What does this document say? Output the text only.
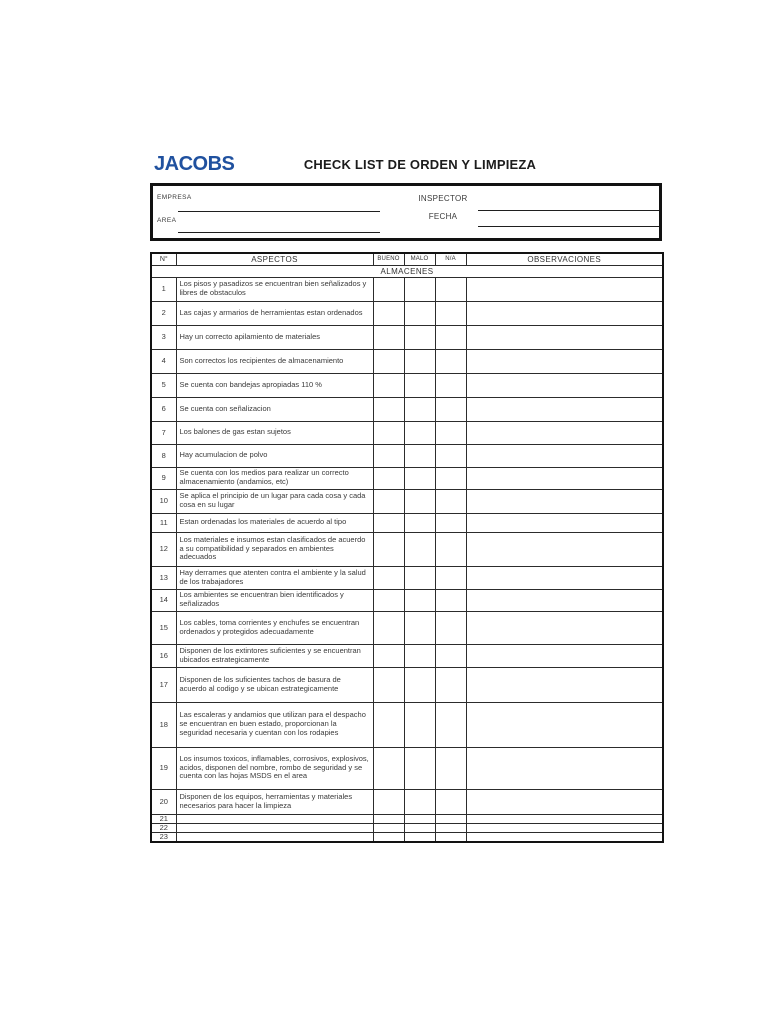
JACOBS	CHECK LIST DE ORDEN Y LIMPIEZA
EMPRESA
AREA
INSPECTOR
FECHA
N°	ASPECTOS	BUENO	MALO	N/A	OBSERVACIONES
ALMACENES					
1	Los pisos y pasadizos se encuentran bien señalizados y libres de obstaculos				
2	Las cajas y armarios de herramientas estan ordenados				
3	Hay un correcto apilamiento de materiales				
4	Son correctos los recipientes de almacenamiento				
5	Se cuenta con bandejas apropiadas 110 %				
6	Se cuenta con señalizacion				
7	Los balones de gas estan sujetos				
8	Hay acumulacion de polvo				
9	Se cuenta con los medios para realizar un correcto almacenamiento (andamios, etc)				
10	Se aplica el principio de un lugar para cada cosa y cada cosa en su lugar				
11	Estan ordenadas los materiales de acuerdo al tipo				
12	Los materiales e insumos estan clasificados de acuerdo a su compatibilidad y separados en ambientes adecuados				
13	Hay derrames que atenten contra el ambiente y la salud de los trabajadores				
14	Los ambientes se encuentran bien identificados y señalizados				
15	Los cables, toma corrientes y enchufes se encuentran ordenados y protegidos adecuadamente				
16	Disponen de los extintores suficientes y se encuentran ubicados estrategicamente				
17	Disponen de los suficientes tachos de basura de acuerdo al codigo y se ubican estrategicamente				
18	Las escaleras y andamios que utilizan para el despacho se encuentran en buen estado, proporcionan la seguridad necesaria y cuentan con los rodapies				
19	Los insumos toxicos, inflamables, corrosivos, explosivos, acidos, disponen del nombre, rombo de seguridad y se cuenta con las hojas MSDS en el area				
20	Disponen de los equipos, herramientas y materiales necesarios para hacer la limpieza				
21					
22					
23					
